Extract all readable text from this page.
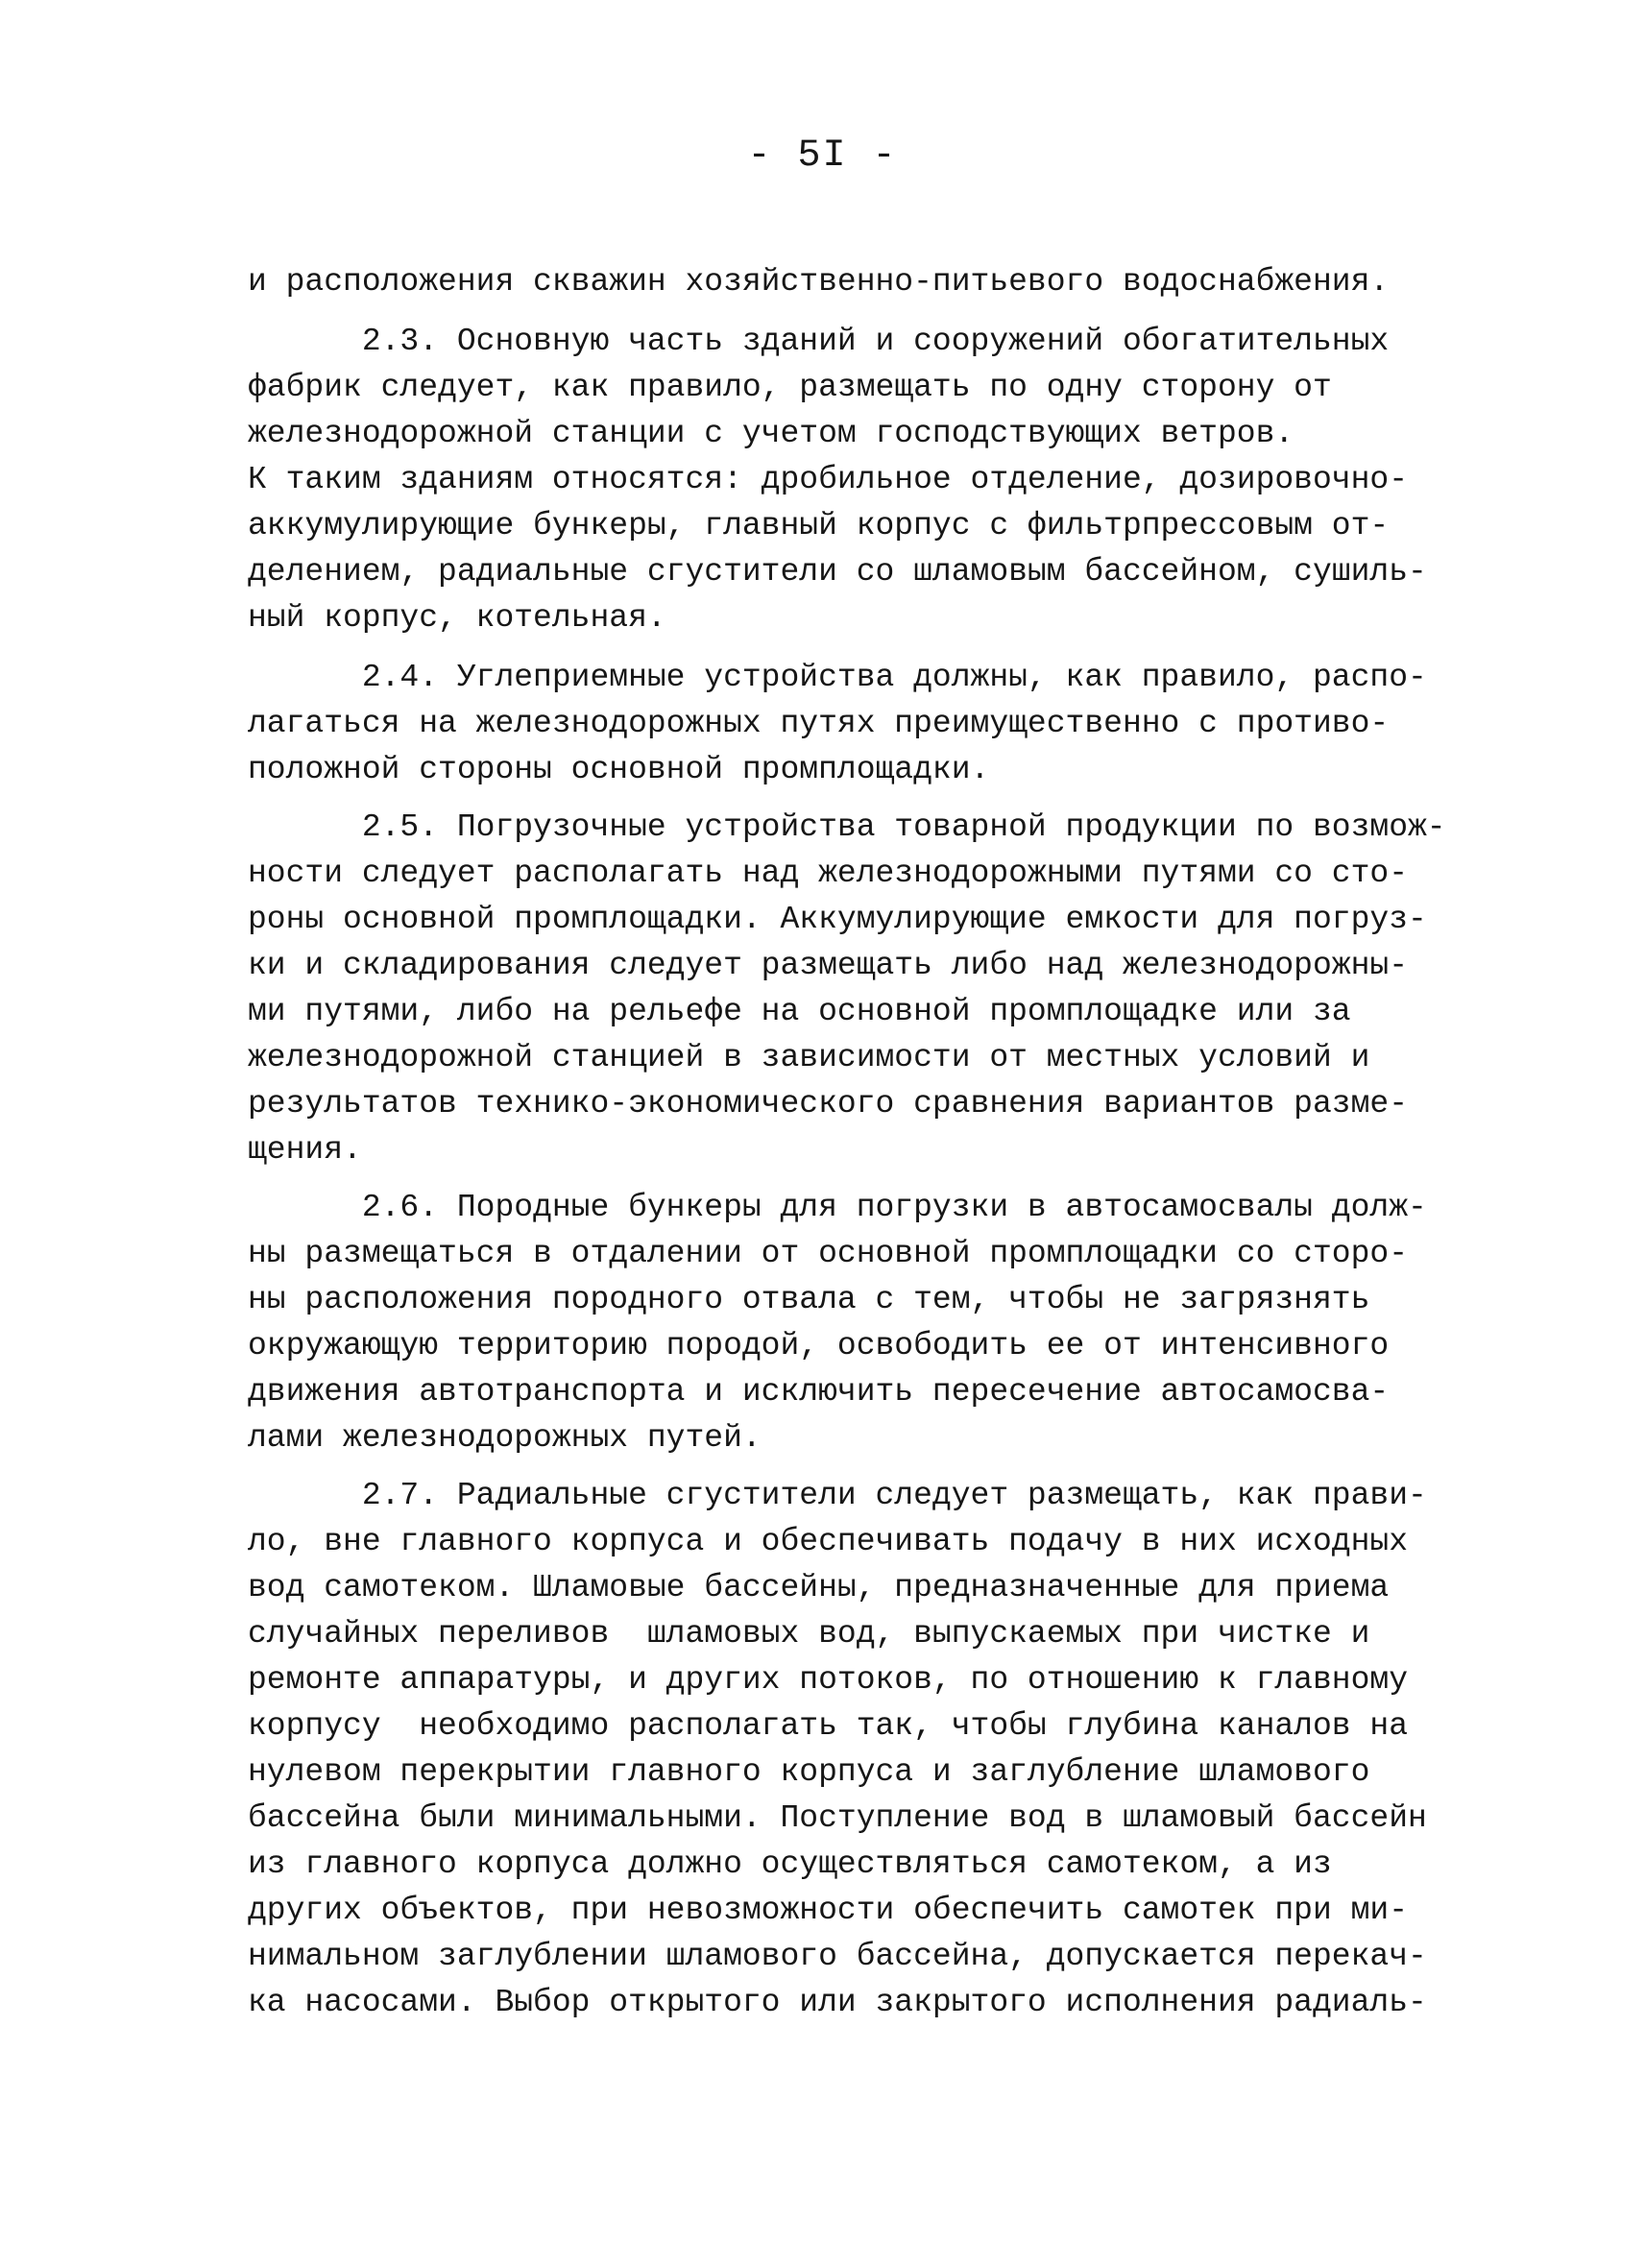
- 5I -
и расположения скважин хозяйственно-питьевого водоснабжения.
2.3. Основную часть зданий и сооружений обогатительных
фабрик следует, как правило, размещать по одну сторону от
железнодорожной станции с учетом господствующих ветров.
К таким зданиям относятся: дробильное отделение, дозировочно-
аккумулирующие бункеры, главный корпус с фильтрпрессовым от-
делением, радиальные сгустители со шламовым бассейном, сушиль-
ный корпус, котельная.
2.4. Углеприемные устройства должны, как правило, распо-
лагаться на железнодорожных путях преимущественно с противо-
положной стороны основной промплощадки.
2.5. Погрузочные устройства товарной продукции по возмож-
ности следует располагать над железнодорожными путями со сто-
роны основной промплощадки. Аккумулирующие емкости для погруз-
ки и складирования следует размещать либо над железнодорожны-
ми путями, либо на рельефе на основной промплощадке или за
железнодорожной станцией в зависимости от местных условий и
результатов технико-экономического сравнения вариантов разме-
щения.
2.6. Породные бункеры для погрузки в автосамосвалы долж-
ны размещаться в отдалении от основной промплощадки со сторо-
ны расположения породного отвала с тем, чтобы не загрязнять
окружающую территорию породой, освободить ее от интенсивного
движения автотранспорта и исключить пересечение автосамосва-
лами железнодорожных путей.
2.7. Радиальные сгустители следует размещать, как прави-
ло, вне главного корпуса и обеспечивать подачу в них исходных
вод самотеком. Шламовые бассейны, предназначенные для приема
случайных переливов  шламовых вод, выпускаемых при чистке и
ремонте аппаратуры, и других потоков, по отношению к главному
корпусу  необходимо располагать так, чтобы глубина каналов на
нулевом перекрытии главного корпуса и заглубление шламового
бассейна были минимальными. Поступление вод в шламовый бассейн
из главного корпуса должно осуществляться самотеком, а из
других объектов, при невозможности обеспечить самотек при ми-
нимальном заглублении шламового бассейна, допускается перекач-
ка насосами. Выбор открытого или закрытого исполнения радиаль-
